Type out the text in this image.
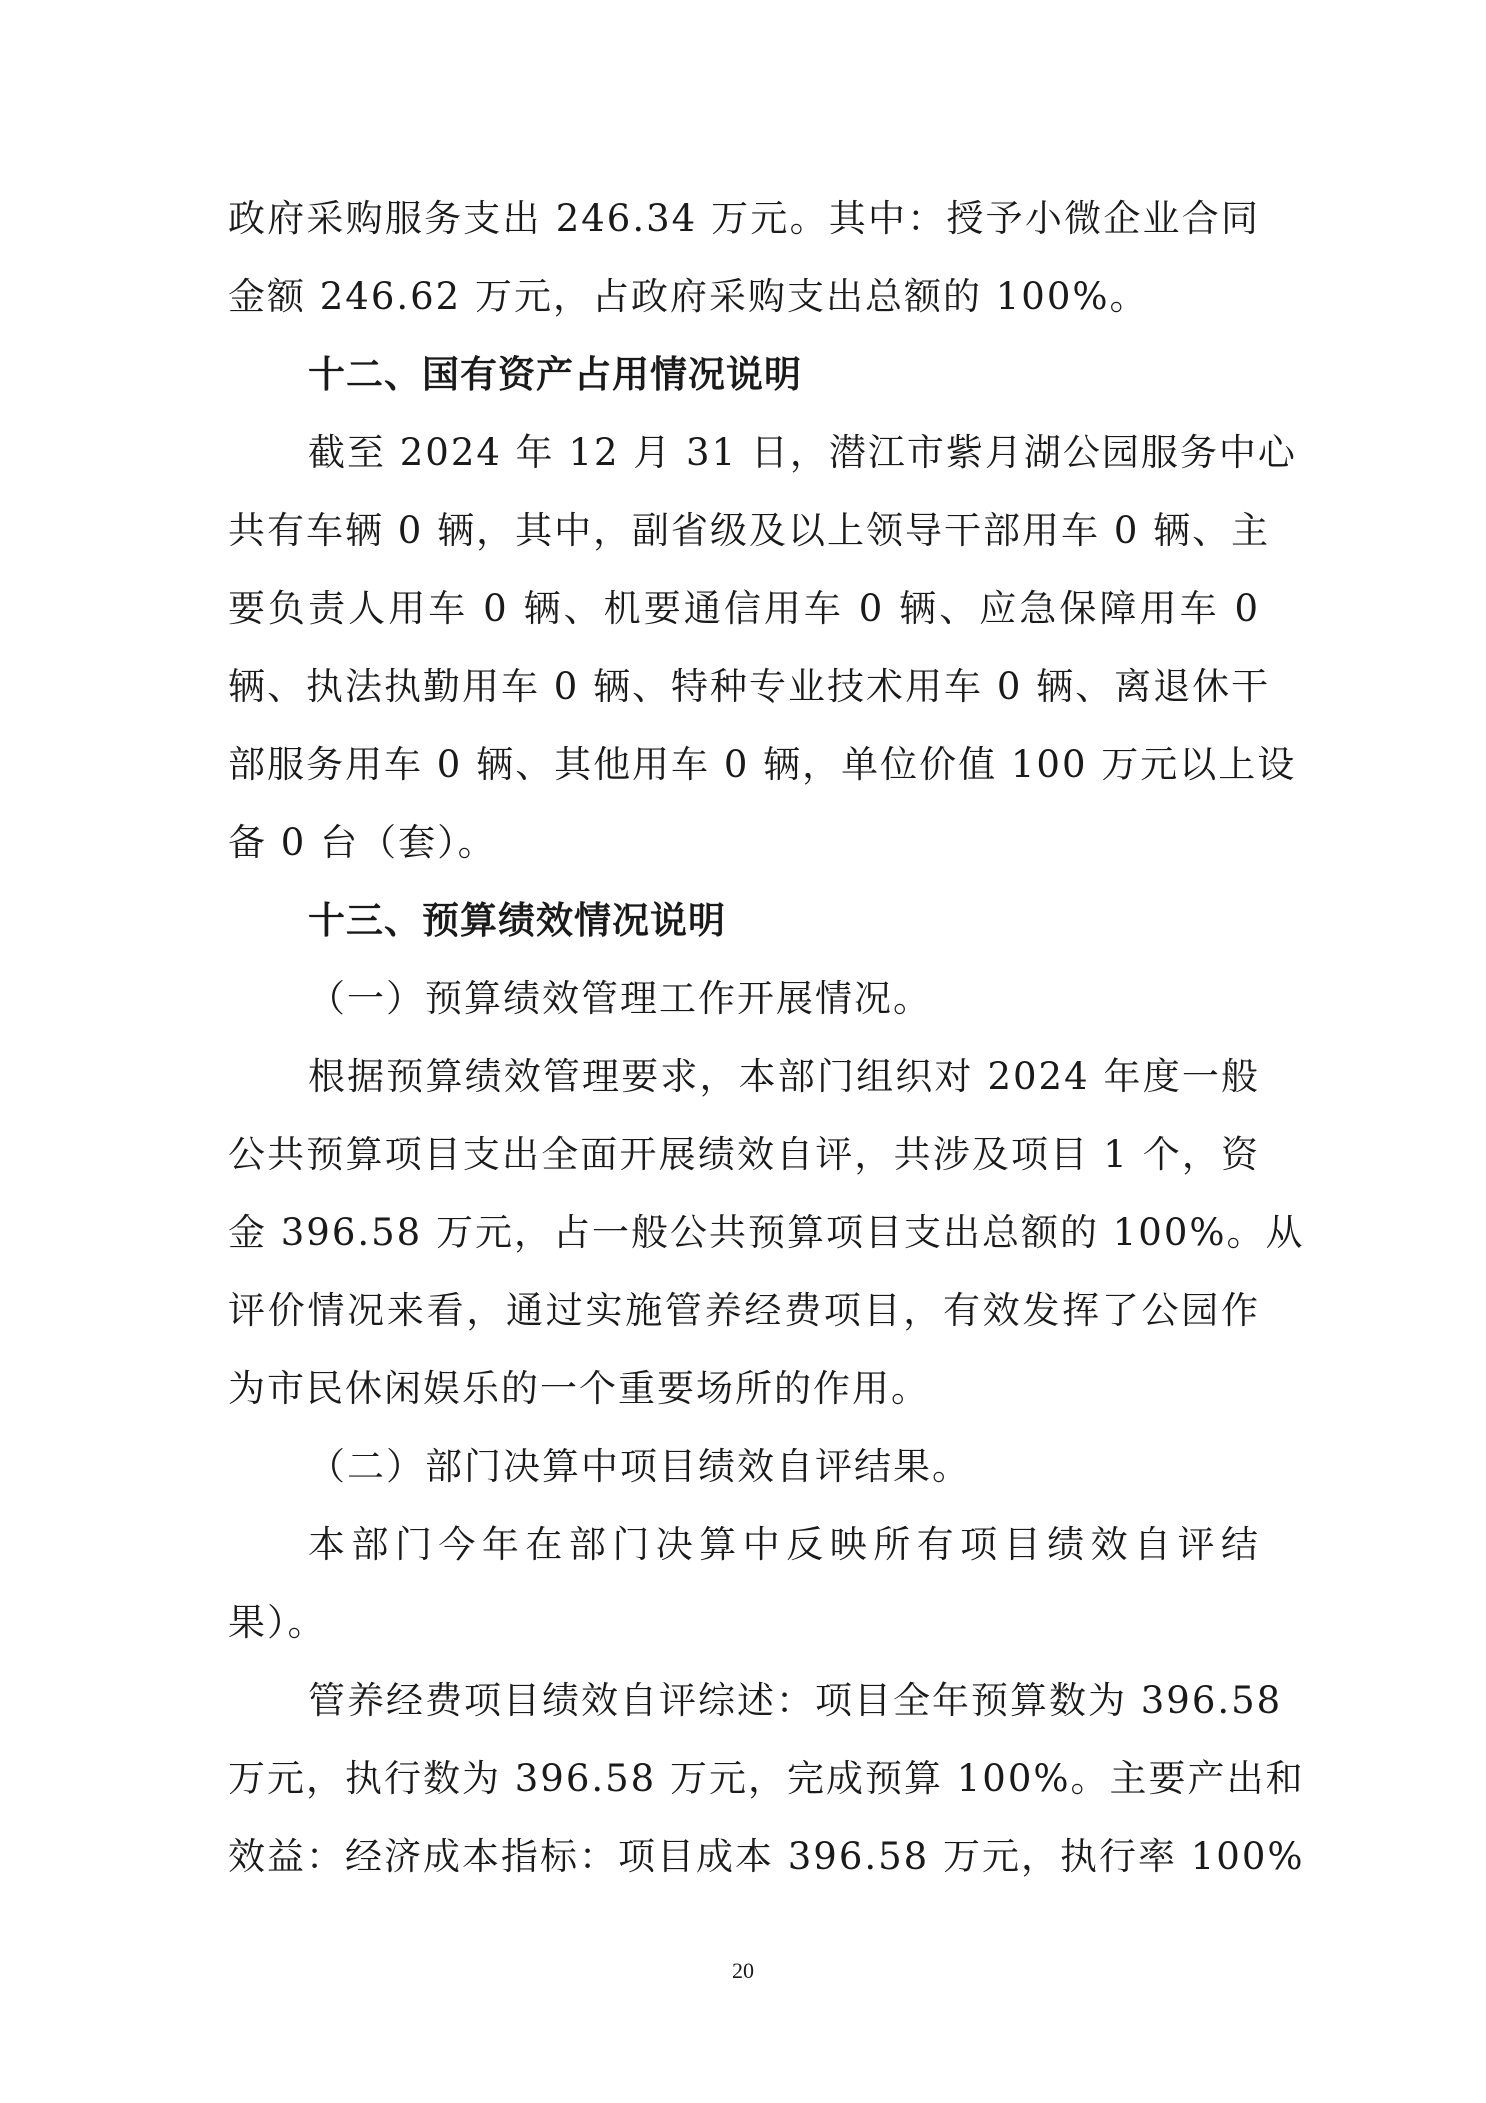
政府采购服务支出 246.34 万元。其中：授予小微企业合同
金额 246.62 万元，占政府采购支出总额的 100%。
十二、国有资产占用情况说明
截至 2024 年 12 月 31 日，潜江市紫月湖公园服务中心
共有车辆 0 辆，其中，副省级及以上领导干部用车 0 辆、主
要负责人用车 0 辆、机要通信用车 0 辆、应急保障用车 0
辆、执法执勤用车 0 辆、特种专业技术用车 0 辆、离退休干
部服务用车 0 辆、其他用车 0 辆，单位价值 100 万元以上设
备 0 台（套）。
十三、预算绩效情况说明
（一）预算绩效管理工作开展情况。
根据预算绩效管理要求，本部门组织对 2024 年度一般
公共预算项目支出全面开展绩效自评，共涉及项目 1 个，资
金 396.58 万元，占一般公共预算项目支出总额的 100%。从
评价情况来看，通过实施管养经费项目，有效发挥了公园作
为市民休闲娱乐的一个重要场所的作用。
（二）部门决算中项目绩效自评结果。
本部门今年在部门决算中反映所有项目绩效自评结
果）。
管养经费项目绩效自评综述：项目全年预算数为 396.58
万元，执行数为 396.58 万元，完成预算 100%。主要产出和
效益：经济成本指标：项目成本 396.58 万元，执行率 100%
20
